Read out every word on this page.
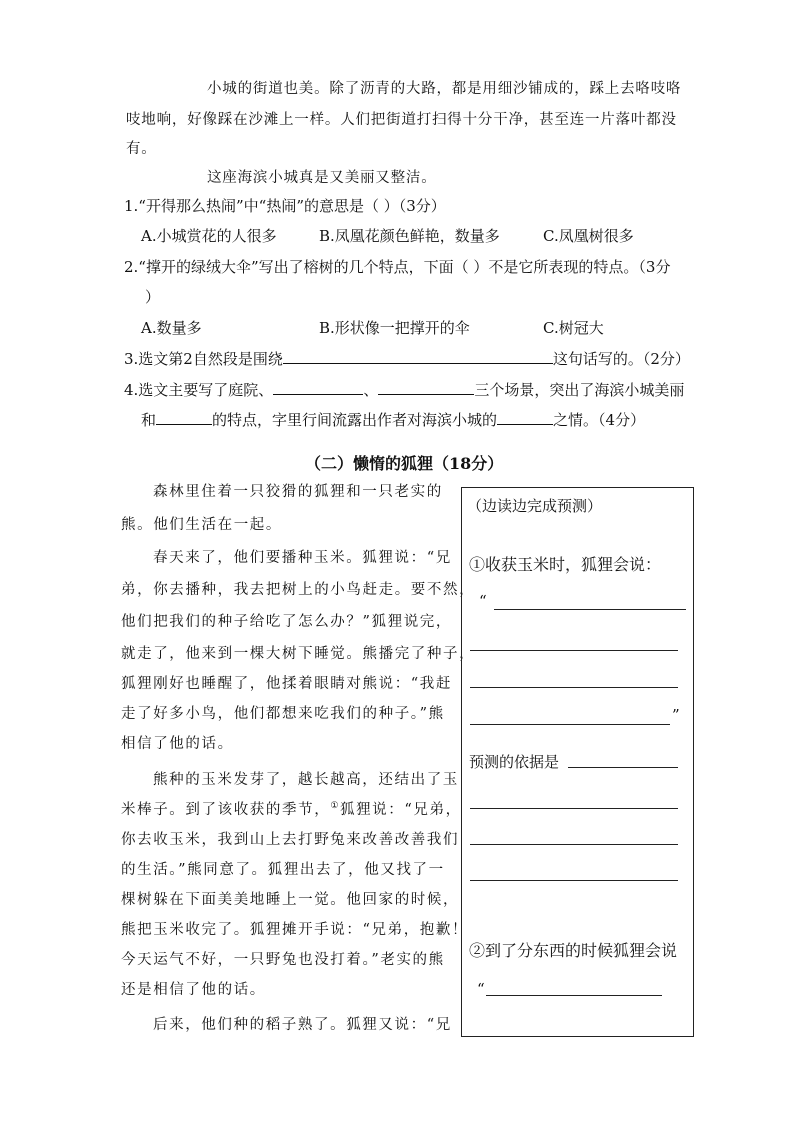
小城的街道也美。除了沥青的大路，都是用细沙铺成的，踩上去咯吱咯
吱地响，好像踩在沙滩上一样。人们把街道打扫得十分干净，甚至连一片落叶都没
有。
这座海滨小城真是又美丽又整洁。
1.“开得那么热闹”中“热闹”的意思是（ ）（3分）
A.小城赏花的人很多	B.凤凰花颜色鲜艳，数量多	C.凤凰树很多
2.“撑开的绿绒大伞”写出了榕树的几个特点，下面（ ）不是它所表现的特点。（3分
）
A.数量多	B.形状像一把撑开的伞	C.树冠大
3.选文第2自然段是围绕	这句话写的。（2分）
4.选文主要写了庭院、	、	三个场景，突出了海滨小城美丽
和	的特点，字里行间流露出作者对海滨小城的	之情。（4分）
（二）懒惰的狐狸（18分）
森林里住着一只狡猾的狐狸和一只老实的
熊。他们生活在一起。
春天来了，他们要播种玉米。狐狸说：“兄
弟，你去播种，我去把树上的小鸟赶走。要不然，
他们把我们的种子给吃了怎么办？”狐狸说完，
就走了，他来到一棵大树下睡觉。熊播完了种子，
狐狸刚好也睡醒了，他揉着眼睛对熊说：“我赶
走了好多小鸟，他们都想来吃我们的种子。”熊
相信了他的话。
熊种的玉米发芽了，越长越高，还结出了玉
米棒子。到了该收获的季节，①狐狸说：“兄弟，
你去收玉米，我到山上去打野兔来改善改善我们
的生活。”熊同意了。狐狸出去了，他又找了一
棵树躲在下面美美地睡上一觉。他回家的时候，
熊把玉米收完了。狐狸摊开手说：“兄弟，抱歉！
今天运气不好，一只野兔也没打着。”老实的熊
还是相信了他的话。
后来，他们种的稻子熟了。狐狸又说：“兄
（边读边完成预测）
①收获玉米时，狐狸会说：
“
”
预测的依据是
②到了分东西的时候狐狸会说
“
